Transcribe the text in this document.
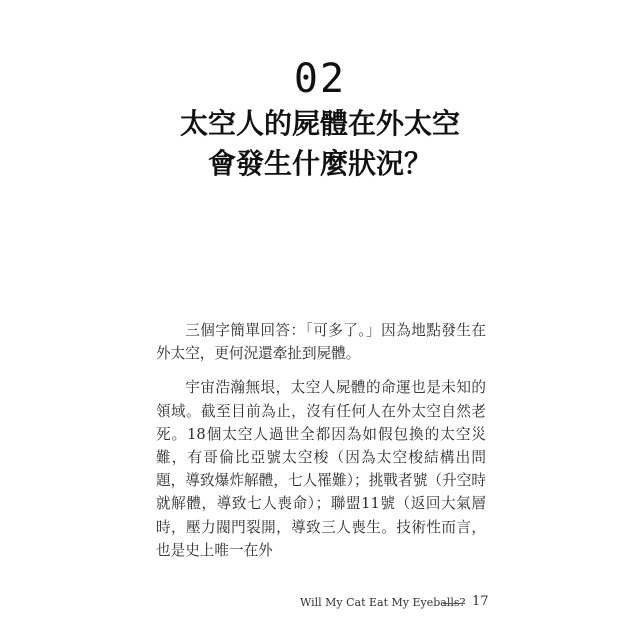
02
太空人的屍體在外太空
會發生什麼狀況？

三個字簡單回答：「可多了。」因為地點發生在外太空，更何況還牽扯到屍體。

宇宙浩瀚無垠，太空人屍體的命運也是未知的領域。截至目前為止，沒有任何人在外太空自然老死。18個太空人過世全都因為如假包換的太空災難，有哥倫比亞號太空梭（因為太空梭結構出問題，導致爆炸解體，七人罹難）；挑戰者號（升空時就解體，導致七人喪命）；聯盟11號（返回大氣層時，壓力閥門裂開，導致三人喪生。技術性而言，也是史上唯一在外

Will My Cat Eat My Eyeballs? 17
